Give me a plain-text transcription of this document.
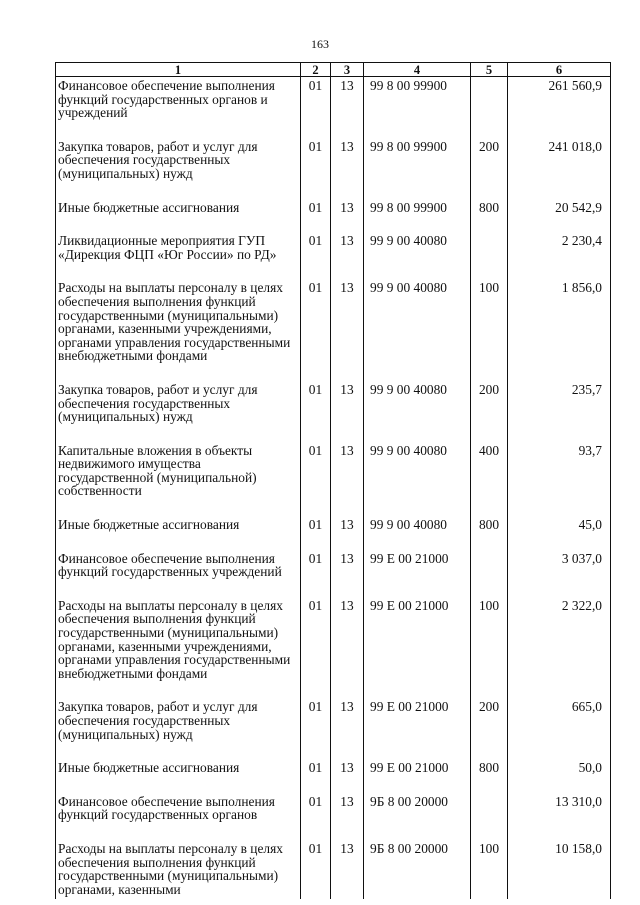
163
1	2	3	4	5	6
Финансовое обеспечение выполнения функций государственных органов и учреждений	01	13	99 8 00 99900		261 560,9
Закупка товаров, работ и услуг для обеспечения государственных (муниципальных) нужд	01	13	99 8 00 99900	200	241 018,0
Иные бюджетные ассигнования	01	13	99 8 00 99900	800	20 542,9
Ликвидационные мероприятия ГУП «Дирекция ФЦП «Юг России» по РД»	01	13	99 9 00 40080		2 230,4
Расходы на выплаты персоналу в целях обеспечения выполнения функций государственными (муниципальными) органами, казенными учреждениями, органами управления государственными внебюджетными фондами	01	13	99 9 00 40080	100	1 856,0
Закупка товаров, работ и услуг для обеспечения государственных (муниципальных) нужд	01	13	99 9 00 40080	200	235,7
Капитальные вложения в объекты недвижимого имущества государственной (муниципальной) собственности	01	13	99 9 00 40080	400	93,7
Иные бюджетные ассигнования	01	13	99 9 00 40080	800	45,0
Финансовое обеспечение выполнения функций государственных учреждений	01	13	99 Е 00 21000		3 037,0
Расходы на выплаты персоналу в целях обеспечения выполнения функций государственными (муниципальными) органами, казенными учреждениями, органами управления государственными внебюджетными фондами	01	13	99 Е 00 21000	100	2 322,0
Закупка товаров, работ и услуг для обеспечения государственных (муниципальных) нужд	01	13	99 Е 00 21000	200	665,0
Иные бюджетные ассигнования	01	13	99 Е 00 21000	800	50,0
Финансовое обеспечение выполнения функций государственных органов	01	13	9Б 8 00 20000		13 310,0
Расходы на выплаты персоналу в целях обеспечения выполнения функций государственными (муниципальными) органами, казенными	01	13	9Б 8 00 20000	100	10 158,0
